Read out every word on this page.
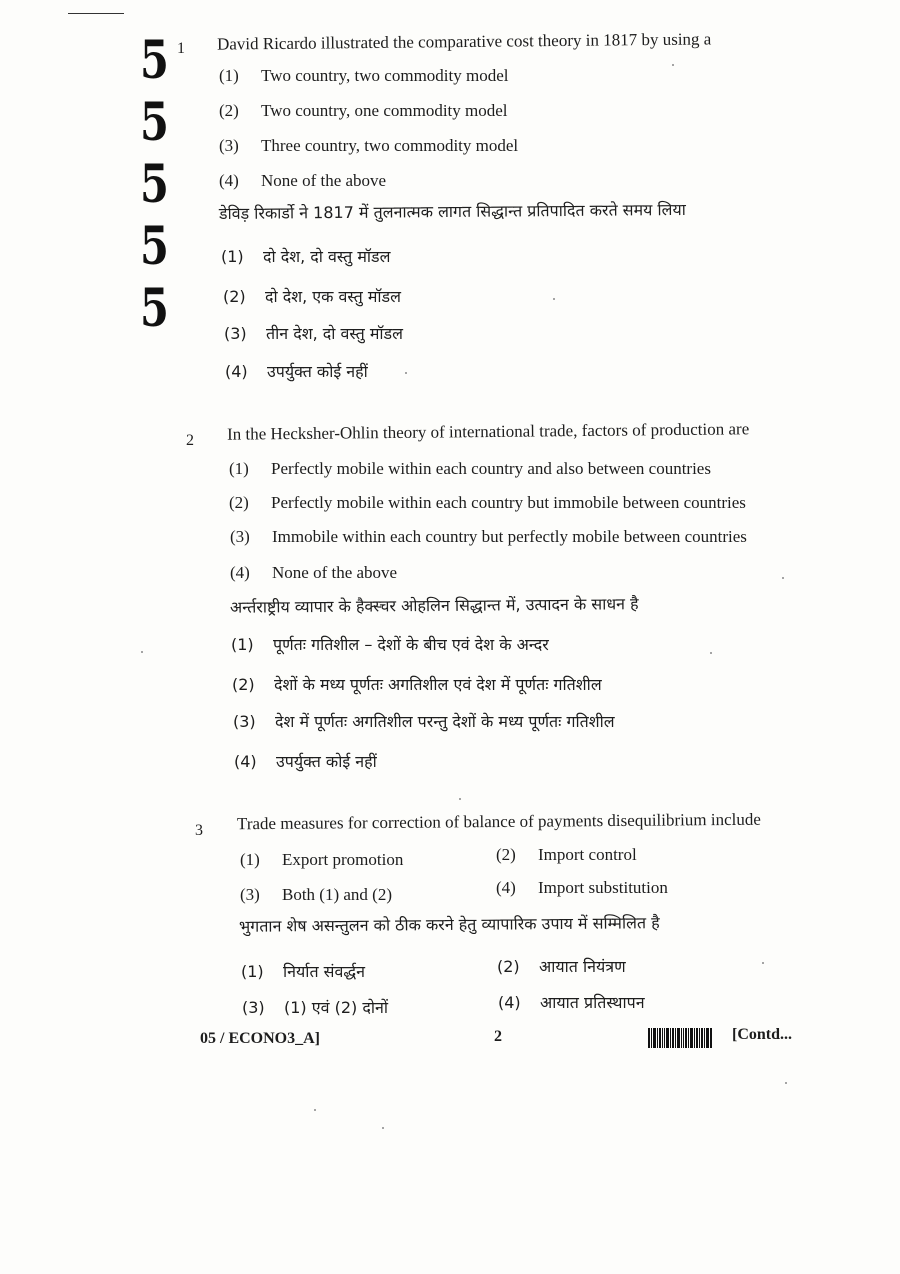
5
5
5
5
5
1 David Ricardo illustrated the comparative cost theory in 1817 by using a
(1) Two country, two commodity model
(2) Two country, one commodity model
(3) Three country, two commodity model
(4) None of the above
डेविड़ रिकार्डो ने 1817 में तुलनात्मक लागत सिद्धान्त प्रतिपादित करते समय लिया
(1) दो देश, दो वस्तु मॉडल
(2) दो देश, एक वस्तु मॉडल
(3) तीन देश, दो वस्तु मॉडल
(4) उपर्युक्त कोई नहीं
2 In the Hecksher-Ohlin theory of international trade, factors of production are
(1) Perfectly mobile within each country and also between countries
(2) Perfectly mobile within each country but immobile between countries
(3) Immobile within each country but perfectly mobile between countries
(4) None of the above
अर्न्तराष्ट्रीय व्यापार के हैक्स्चर ओहलिन सिद्धान्त में, उत्पादन के साधन है
(1) पूर्णतः गतिशील – देशों के बीच एवं देश के अन्दर
(2) देशों के मध्य पूर्णतः अगतिशील एवं देश में पूर्णतः गतिशील
(3) देश में पूर्णतः अगतिशील परन्तु देशों के मध्य पूर्णतः गतिशील
(4) उपर्युक्त कोई नहीं
3 Trade measures for correction of balance of payments disequilibrium include
(1) Export promotion	(2) Import control
(3) Both (1) and (2)	(4) Import substitution
भुगतान शेष असन्तुलन को ठीक करने हेतु व्यापारिक उपाय में सम्मिलित है
(1) निर्यात संवर्द्धन	(2) आयात नियंत्रण
(3) (1) एवं (2) दोनों	(4) आयात प्रतिस्थापन
05 / ECONO3_A]	2	[Contd...
